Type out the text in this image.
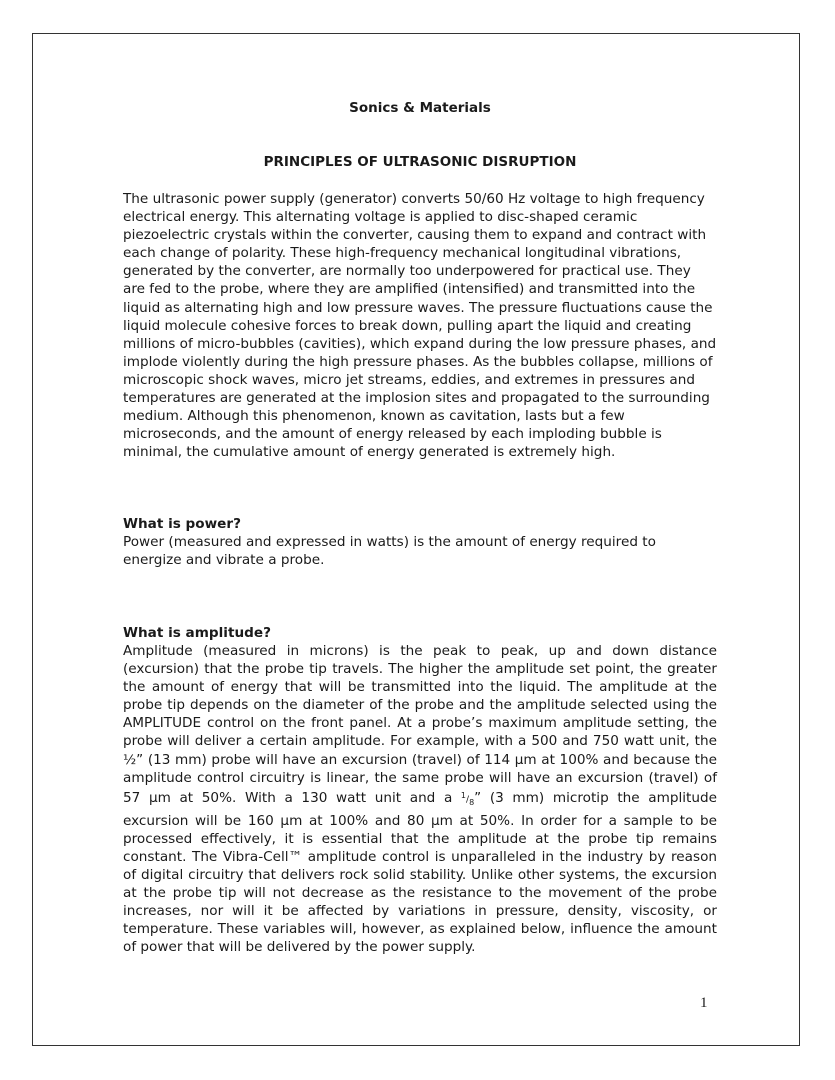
Sonics & Materials
PRINCIPLES OF ULTRASONIC DISRUPTION

The ultrasonic power supply (generator) converts 50/60 Hz voltage to high frequency electrical energy. This alternating voltage is applied to disc-shaped ceramic piezoelectric crystals within the converter, causing them to expand and contract with each change of polarity. These high-frequency mechanical longitudinal vibrations, generated by the converter, are normally too underpowered for practical use. They are fed to the probe, where they are amplified (intensified) and transmitted into the liquid as alternating high and low pressure waves. The pressure fluctuations cause the liquid molecule cohesive forces to break down, pulling apart the liquid and creating millions of micro-bubbles (cavities), which expand during the low pressure phases, and implode violently during the high pressure phases. As the bubbles collapse, millions of microscopic shock waves, micro jet streams, eddies, and extremes in pressures and temperatures are generated at the implosion sites and propagated to the surrounding medium. Although this phenomenon, known as cavitation, lasts but a few microseconds, and the amount of energy released by each imploding bubble is minimal, the cumulative amount of energy generated is extremely high.

What is power?

Power (measured and expressed in watts) is the amount of energy required to energize and vibrate a probe.

What is amplitude?

Amplitude (measured in microns) is the peak to peak, up and down distance (excursion) that the probe tip travels. The higher the amplitude set point, the greater the amount of energy that will be transmitted into the liquid. The amplitude at the probe tip depends on the diameter of the probe and the amplitude selected using the AMPLITUDE control on the front panel. At a probe’s maximum amplitude setting, the probe will deliver a certain amplitude. For example, with a 500 and 750 watt unit, the ½” (13 mm) probe will have an excursion (travel) of 114 µm at 100% and because the amplitude control circuitry is linear, the same probe will have an excursion (travel) of 57 µm at 50%. With a 130 watt unit and a 1/8” (3 mm) microtip the amplitude excursion will be 160 µm at 100% and 80 µm at 50%. In order for a sample to be processed effectively, it is essential that the amplitude at the probe tip remains constant. The Vibra-Cell™ amplitude control is unparalleled in the industry by reason of digital circuitry that delivers rock solid stability. Unlike other systems, the excursion at the probe tip will not decrease as the resistance to the movement of the probe increases, nor will it be affected by variations in pressure, density, viscosity, or temperature. These variables will, however, as explained below, influence the amount of power that will be delivered by the power supply.

1
